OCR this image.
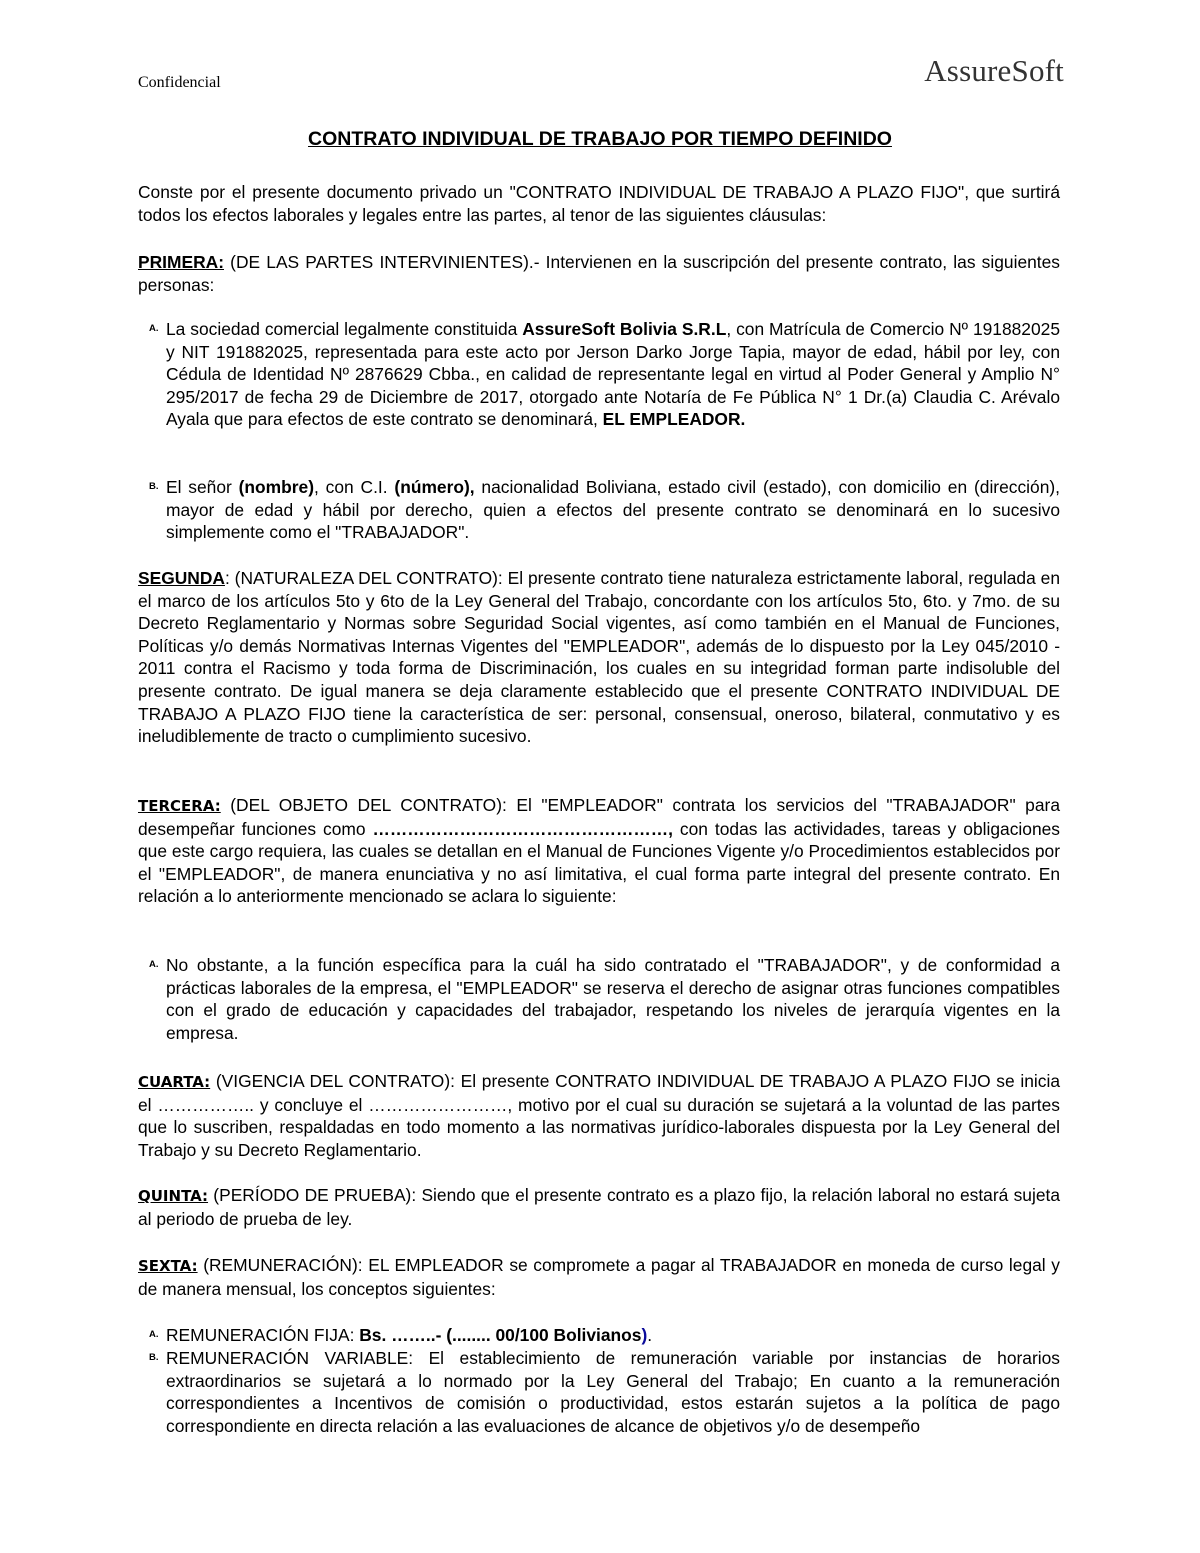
Confidencial	AssureSoft
CONTRATO INDIVIDUAL DE TRABAJO POR TIEMPO DEFINIDO

Conste por el presente documento privado un "CONTRATO INDIVIDUAL DE TRABAJO A PLAZO FIJO", que surtirá todos los efectos laborales y legales entre las partes, al tenor de las siguientes cláusulas:

PRIMERA: (DE LAS PARTES INTERVINIENTES).- Intervienen en la suscripción del presente contrato, las siguientes personas:

A. La sociedad comercial legalmente constituida AssureSoft Bolivia S.R.L, con Matrícula de Comercio Nº 191882025 y NIT 191882025, representada para este acto por Jerson Darko Jorge Tapia, mayor de edad, hábil por ley, con Cédula de Identidad Nº 2876629 Cbba., en calidad de representante legal en virtud al Poder General y Amplio N° 295/2017 de fecha 29 de Diciembre de 2017, otorgado ante Notaría de Fe Pública N° 1 Dr.(a) Claudia C. Arévalo Ayala que para efectos de este contrato se denominará, EL EMPLEADOR.
B. El señor (nombre), con C.I. (número), nacionalidad Boliviana, estado civil (estado), con domicilio en (dirección), mayor de edad y hábil por derecho, quien a efectos del presente contrato se denominará en lo sucesivo simplemente como el "TRABAJADOR".

SEGUNDA: (NATURALEZA DEL CONTRATO): El presente contrato tiene naturaleza estrictamente laboral, regulada en el marco de los artículos 5to y 6to de la Ley General del Trabajo, concordante con los artículos 5to, 6to. y 7mo. de su Decreto Reglamentario y Normas sobre Seguridad Social vigentes, así como también en el Manual de Funciones, Políticas y/o demás Normativas Internas Vigentes del "EMPLEADOR", además de lo dispuesto por la Ley 045/2010 - 2011 contra el Racismo y toda forma de Discriminación, los cuales en su integridad forman parte indisoluble del presente contrato. De igual manera se deja claramente establecido que el presente CONTRATO INDIVIDUAL DE TRABAJO A PLAZO FIJO tiene la característica de ser: personal, consensual, oneroso, bilateral, conmutativo y es ineludiblemente de tracto o cumplimiento sucesivo.

TERCERA: (DEL OBJETO DEL CONTRATO): El "EMPLEADOR" contrata los servicios del "TRABAJADOR" para desempeñar funciones como ……………………………………………, con todas las actividades, tareas y obligaciones que este cargo requiera, las cuales se detallan en el Manual de Funciones Vigente y/o Procedimientos establecidos por el "EMPLEADOR", de manera enunciativa y no así limitativa, el cual forma parte integral del presente contrato. En relación a lo anteriormente mencionado se aclara lo siguiente:

A. No obstante, a la función específica para la cuál ha sido contratado el "TRABAJADOR", y de conformidad a prácticas laborales de la empresa, el "EMPLEADOR" se reserva el derecho de asignar otras funciones compatibles con el grado de educación y capacidades del trabajador, respetando los niveles de jerarquía vigentes en la empresa.

CUARTA: (VIGENCIA DEL CONTRATO): El presente CONTRATO INDIVIDUAL DE TRABAJO A PLAZO FIJO se inicia el …………….. y concluye el ……………………, motivo por el cual su duración se sujetará a la voluntad de las partes que lo suscriben, respaldadas en todo momento a las normativas jurídico-laborales dispuesta por la Ley General del Trabajo y su Decreto Reglamentario.

QUINTA: (PERÍODO DE PRUEBA): Siendo que el presente contrato es a plazo fijo, la relación laboral no estará sujeta al periodo de prueba de ley.

SEXTA: (REMUNERACIÓN): EL EMPLEADOR se compromete a pagar al TRABAJADOR en moneda de curso legal y de manera mensual, los conceptos siguientes:

A. REMUNERACIÓN FIJA: Bs. ……..- (........ 00/100 Bolivianos).
B. REMUNERACIÓN VARIABLE: El establecimiento de remuneración variable por instancias de horarios extraordinarios se sujetará a lo normado por la Ley General del Trabajo; En cuanto a la remuneración correspondientes a Incentivos de comisión o productividad, estos estarán sujetos a la política de pago correspondiente en directa relación a las evaluaciones de alcance de objetivos y/o de desempeño
